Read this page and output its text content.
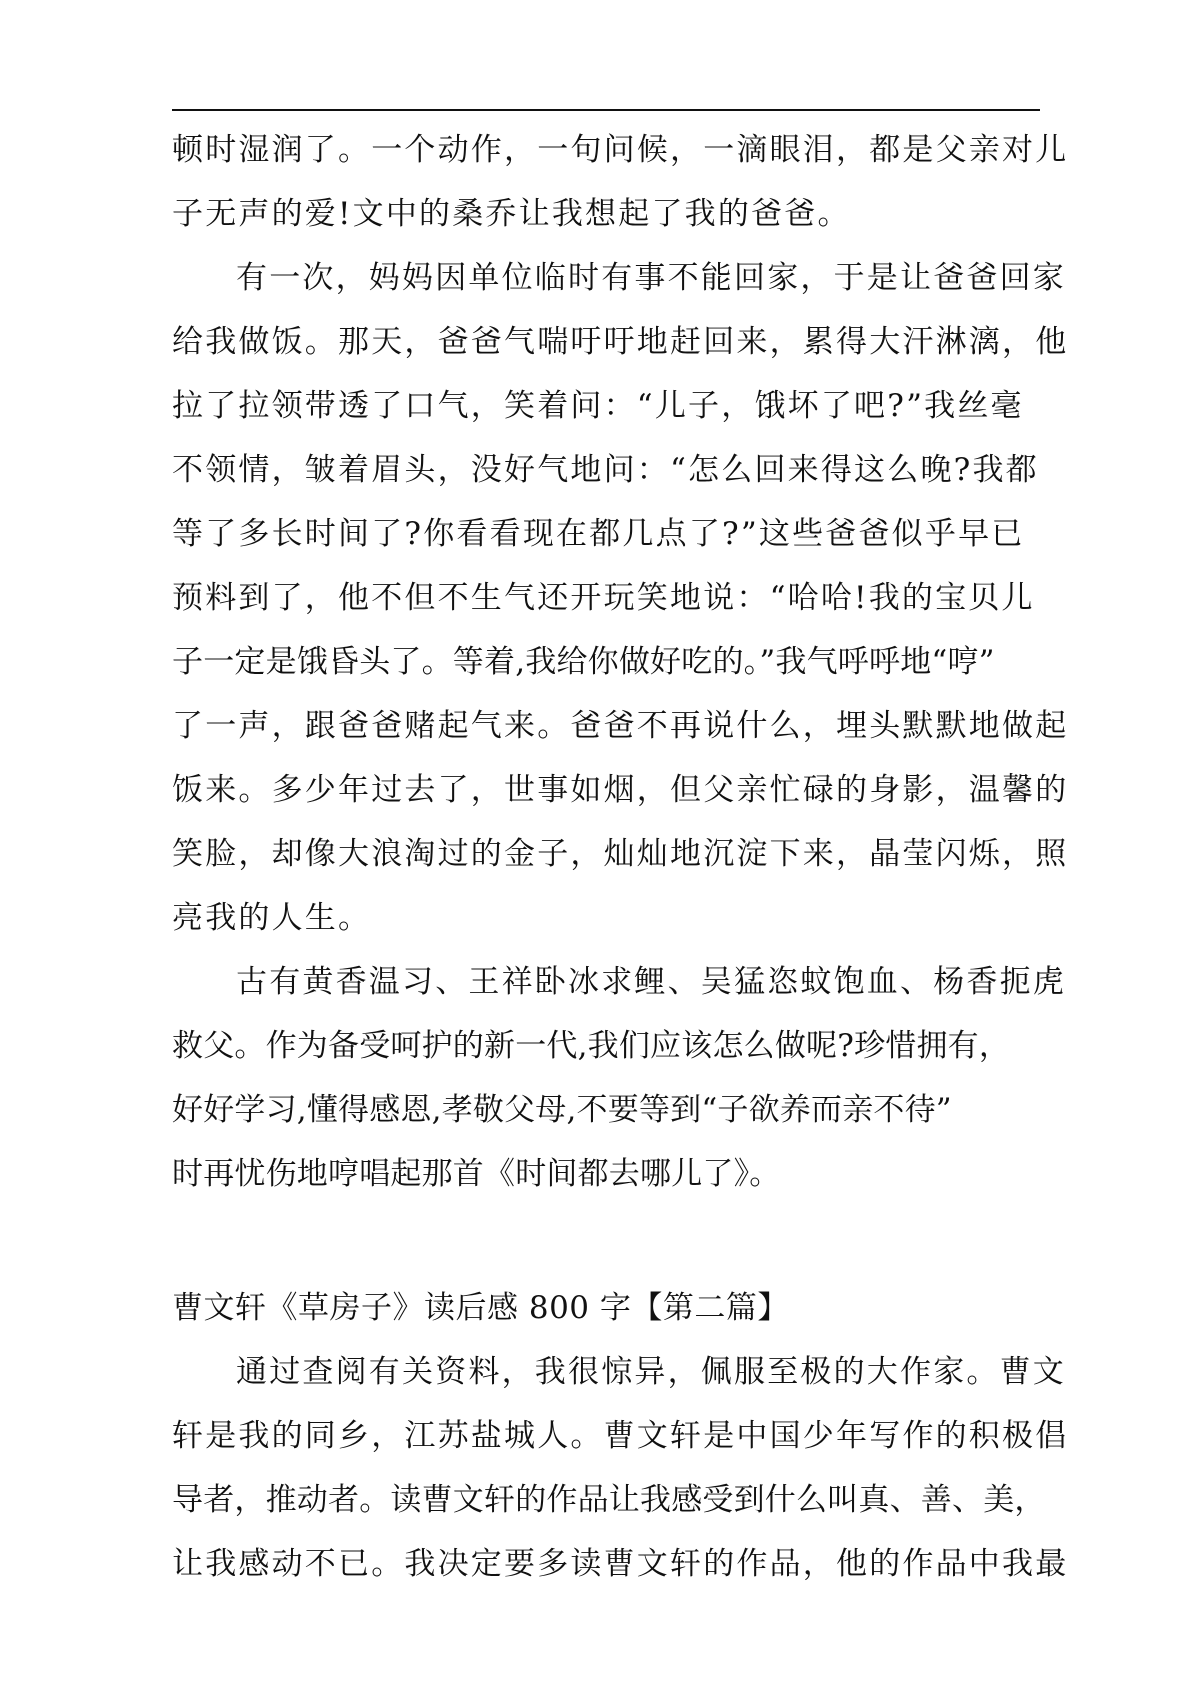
顿时湿润了。一个动作，一句问候，一滴眼泪，都是父亲对儿
子无声的爱!文中的桑乔让我想起了我的爸爸。
有一次，妈妈因单位临时有事不能回家，于是让爸爸回家
给我做饭。那天，爸爸气喘吁吁地赶回来，累得大汗淋漓，他
拉了拉领带透了口气，笑着问：“儿子，饿坏了吧?”我丝毫
不领情，皱着眉头，没好气地问：“怎么回来得这么晚?我都
等了多长时间了?你看看现在都几点了?”这些爸爸似乎早已
预料到了，他不但不生气还开玩笑地说：“哈哈!我的宝贝儿
子一定是饿昏头了。等着,我给你做好吃的。”我气呼呼地“哼”
了一声，跟爸爸赌起气来。爸爸不再说什么，埋头默默地做起
饭来。多少年过去了，世事如烟，但父亲忙碌的身影，温馨的
笑脸，却像大浪淘过的金子，灿灿地沉淀下来，晶莹闪烁，照
亮我的人生。
古有黄香温习、王祥卧冰求鲤、吴猛恣蚊饱血、杨香扼虎
救父。作为备受呵护的新一代,我们应该怎么做呢?珍惜拥有，
好好学习,懂得感恩,孝敬父母,不要等到“子欲养而亲不待”
时再忧伤地哼唱起那首《时间都去哪儿了》。
曹文轩《草房子》读后感 800 字【第二篇】
通过查阅有关资料，我很惊异，佩服至极的大作家。曹文
轩是我的同乡，江苏盐城人。曹文轩是中国少年写作的积极倡
导者，推动者。读曹文轩的作品让我感受到什么叫真、善、美，
让我感动不已。我决定要多读曹文轩的作品，他的作品中我最
